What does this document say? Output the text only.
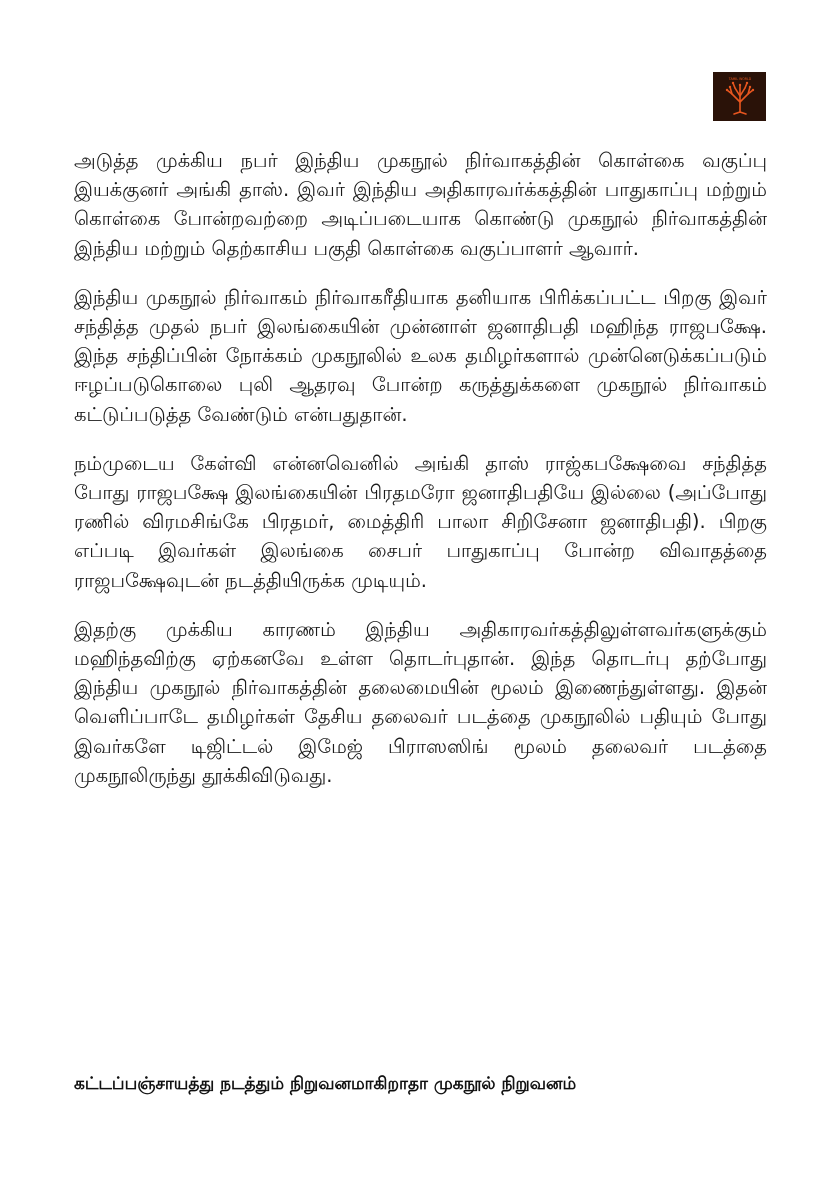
TAMIL WORLD

அடுத்த முக்கிய நபர் இந்திய முகநூல் நிர்வாகத்தின் கொள்கை வகுப்பு இயக்குனர் அங்கி தாஸ். இவர் இந்திய அதிகாரவர்க்கத்தின் பாதுகாப்பு மற்றும் கொள்கை போன்றவற்றை அடிப்படையாக கொண்டு முகநூல் நிர்வாகத்தின் இந்திய மற்றும் தெற்காசிய பகுதி கொள்கை வகுப்பாளர் ஆவார்.

இந்திய முகநூல் நிர்வாகம் நிர்வாகரீதியாக தனியாக பிரிக்கப்பட்ட பிறகு இவர் சந்தித்த முதல் நபர் இலங்கையின் முன்னாள் ஜனாதிபதி மஹிந்த ராஜபக்ஷே. இந்த சந்திப்பின் நோக்கம் முகநூலில் உலக தமிழர்களால் முன்னெடுக்கப்படும் ஈழப்படுகொலை புலி ஆதரவு போன்ற கருத்துக்களை முகநூல் நிர்வாகம் கட்டுப்படுத்த வேண்டும் என்பதுதான்.

நம்முடைய கேள்வி என்னவெனில் அங்கி தாஸ் ராஜ்கபக்ஷேவை சந்தித்த போது ராஜபக்ஷே இலங்கையின் பிரதமரோ ஜனாதிபதியே இல்லை (அப்போது ரணில் விரமசிங்கே பிரதமர், மைத்திரி பாலா சிறிசேனா ஜனாதிபதி). பிறகு எப்படி இவர்கள் இலங்கை சைபர் பாதுகாப்பு போன்ற விவாதத்தை ராஜபக்ஷேவுடன் நடத்தியிருக்க முடியும்.

இதற்கு முக்கிய காரணம் இந்திய அதிகாரவர்கத்திலுள்ளவர்களுக்கும் மஹிந்தவிற்கு ஏற்கனவே உள்ள தொடர்புதான். இந்த தொடர்பு தற்போது இந்திய முகநூல் நிர்வாகத்தின் தலைமையின் மூலம் இணைந்துள்ளது. இதன் வெளிப்பாடே தமிழர்கள் தேசிய தலைவர் படத்தை முகநூலில் பதியும் போது இவர்களே டிஜிட்டல் இமேஜ் பிராஸஸிங் மூலம் தலைவர் படத்தை முகநூலிருந்து தூக்கிவிடுவது.

கட்டப்பஞ்சாயத்து நடத்தும் நிறுவனமாகிறாதா முகநூல் நிறுவனம்
